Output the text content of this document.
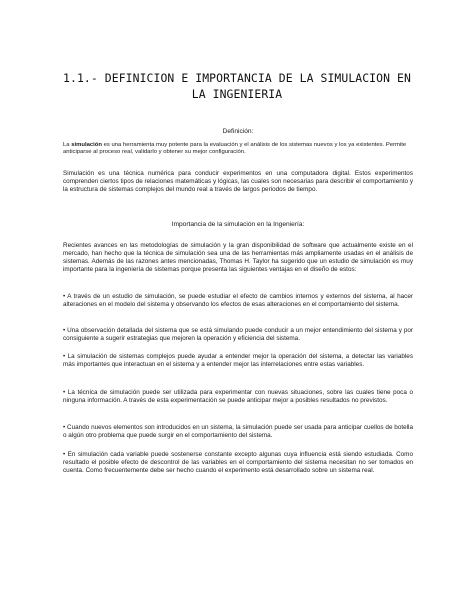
1.1.- DEFINICION E IMPORTANCIA DE LA SIMULACION EN LA INGENIERIA

Definición:

La simulación es una herramienta muy potente para la evaluación y el análisis de los sistemas nuevos y los ya existentes. Permite anticiparse al proceso real, validarlo y obtener su mejor configuración.

Simulación es una técnica numérica para conducir experimentos en una computadora digital. Estos experimentos comprenden ciertos tipos de relaciones matemáticas y lógicas, las cuales son necesarias para describir el comportamiento y la estructura de sistemas complejos del mundo real a través de largos periodos de tiempo.

Importancia de la simulación en la Ingeniería:

Recientes avances en las metodologías de simulación y la gran disponibilidad de software que actualmente existe en el mercado, han hecho que la técnica de simulación sea una de las herramientas más ampliamente usadas en el análisis de sistemas. Además de las razones antes mencionadas, Thomas H. Taylor ha sugerido que un estudio de simulación es muy importante para la ingeniería de sistemas porque presenta las siguientes ventajas en el diseño de estos:

• A través de un estudio de simulación, se puede estudiar el efecto de cambios internos y externos del sistema, al hacer alteraciones en el modelo del sistema y observando los efectos de esas alteraciones en el comportamiento del sistema.

• Una observación detallada del sistema que se está simulando puede conducir a un mejor entendimiento del sistema y por consiguiente a sugerir estrategias que mejoren la operación y eficiencia del sistema.

• La simulación de sistemas complejos puede ayudar a entender mejor la operación del sistema, a detectar las variables más importantes que interactuan en el sistema y a entender mejor las interrelaciones entre estas variables.

• La técnica de simulación puede ser utilizada para experimentar con nuevas situaciones, sobre las cuales tiene poca o ninguna información. A través de esta experimentación se puede anticipar mejor a posibles resultados no previstos.

• Cuando nuevos elementos son introducidos en un sistema, la simulación puede ser usada para anticipar cuellos de botella o algún otro problema que puede surgir en el comportamiento del sistema.

• En simulación cada variable puede sostenerse constante excepto algunas cuya influencia está siendo estudiada. Como resultado el posible efecto de descontrol de las variables en el comportamiento del sistema necesitan no ser tomados en cuenta. Como frecuentemente debe ser hecho cuando el experimento está desarrollado sobre un sistema real.
